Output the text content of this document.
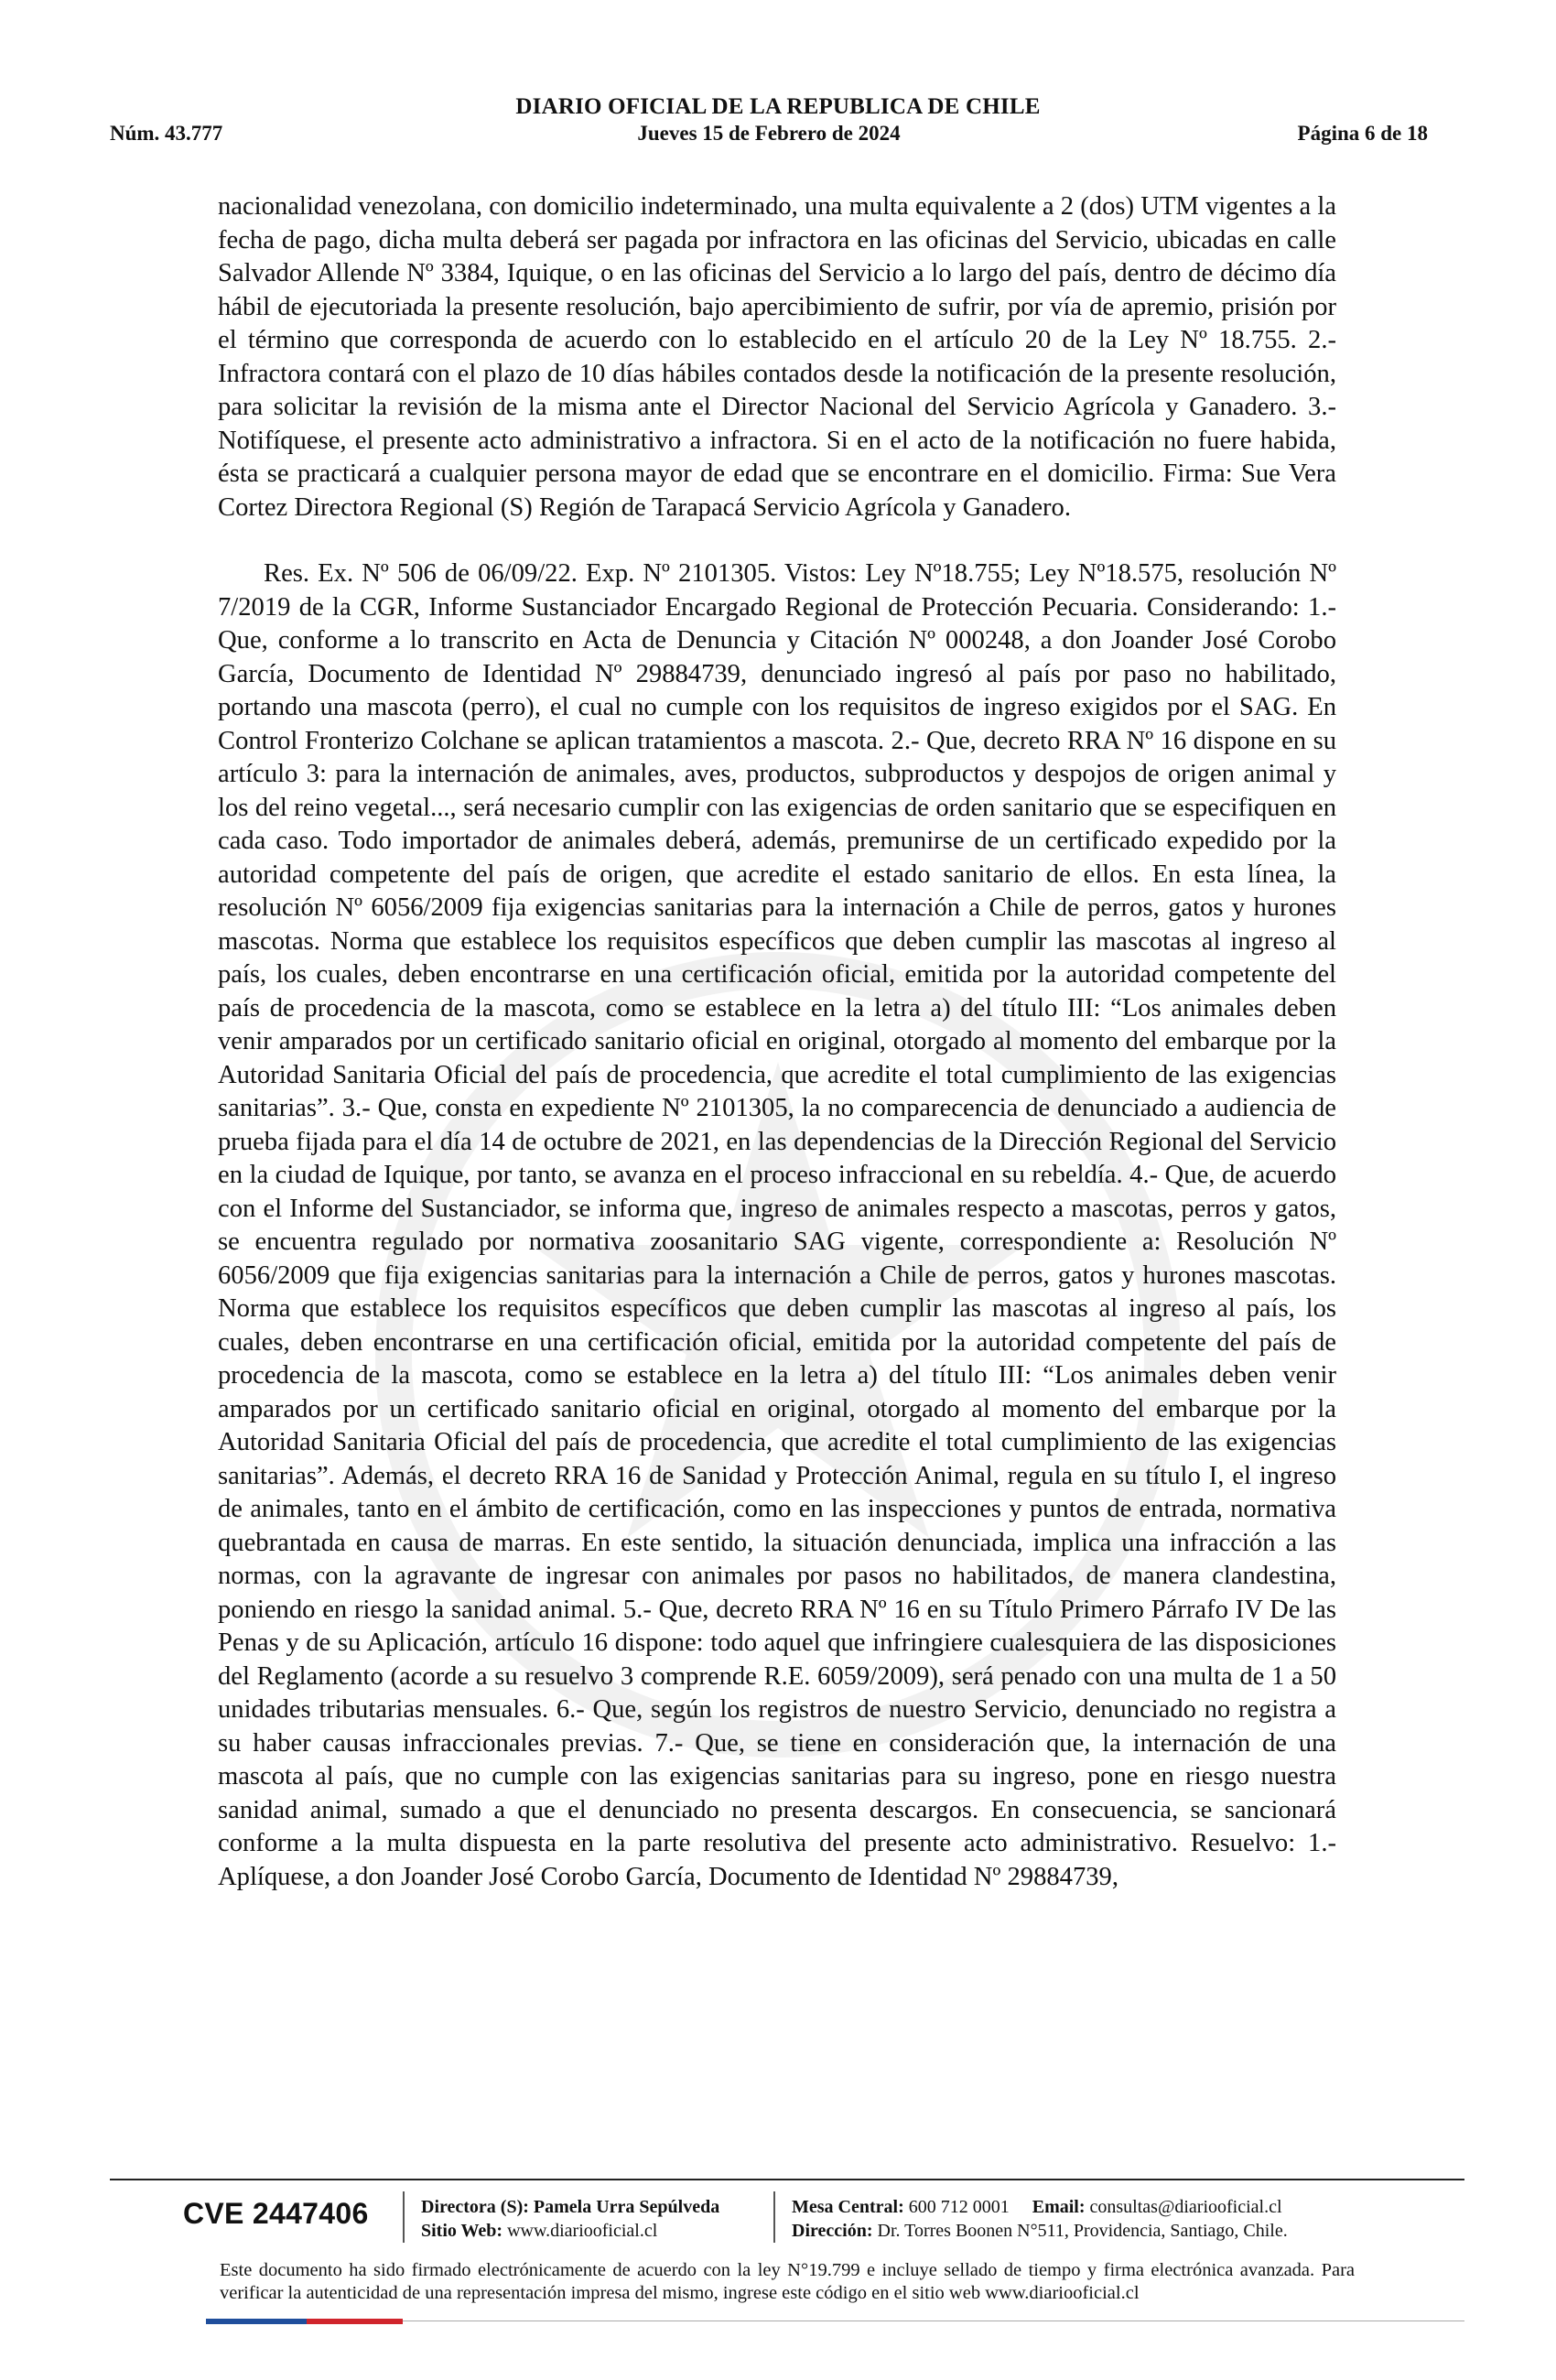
DIARIO OFICIAL DE LA REPUBLICA DE CHILE
Núm. 43.777	Jueves 15 de Febrero de 2024	Página 6 de 18

nacionalidad venezolana, con domicilio indeterminado, una multa equivalente a 2 (dos) UTM vigentes a la fecha de pago, dicha multa deberá ser pagada por infractora en las oficinas del Servicio, ubicadas en calle Salvador Allende Nº 3384, Iquique, o en las oficinas del Servicio a lo largo del país, dentro de décimo día hábil de ejecutoriada la presente resolución, bajo apercibimiento de sufrir, por vía de apremio, prisión por el término que corresponda de acuerdo con lo establecido en el artículo 20 de la Ley Nº 18.755. 2.- Infractora contará con el plazo de 10 días hábiles contados desde la notificación de la presente resolución, para solicitar la revisión de la misma ante el Director Nacional del Servicio Agrícola y Ganadero. 3.- Notifíquese, el presente acto administrativo a infractora. Si en el acto de la notificación no fuere habida, ésta se practicará a cualquier persona mayor de edad que se encontrare en el domicilio. Firma: Sue Vera Cortez Directora Regional (S) Región de Tarapacá Servicio Agrícola y Ganadero.

Res. Ex. Nº 506 de 06/09/22. Exp. Nº 2101305. Vistos: Ley Nº18.755; Ley Nº18.575, resolución Nº 7/2019 de la CGR, Informe Sustanciador Encargado Regional de Protección Pecuaria. Considerando: 1.- Que, conforme a lo transcrito en Acta de Denuncia y Citación Nº 000248, a don Joander José Corobo García, Documento de Identidad Nº 29884739, denunciado ingresó al país por paso no habilitado, portando una mascota (perro), el cual no cumple con los requisitos de ingreso exigidos por el SAG. En Control Fronterizo Colchane se aplican tratamientos a mascota. 2.- Que, decreto RRA Nº 16 dispone en su artículo 3: para la internación de animales, aves, productos, subproductos y despojos de origen animal y los del reino vegetal..., será necesario cumplir con las exigencias de orden sanitario que se especifiquen en cada caso. Todo importador de animales deberá, además, premunirse de un certificado expedido por la autoridad competente del país de origen, que acredite el estado sanitario de ellos. En esta línea, la resolución Nº 6056/2009 fija exigencias sanitarias para la internación a Chile de perros, gatos y hurones mascotas. Norma que establece los requisitos específicos que deben cumplir las mascotas al ingreso al país, los cuales, deben encontrarse en una certificación oficial, emitida por la autoridad competente del país de procedencia de la mascota, como se establece en la letra a) del título III: “Los animales deben venir amparados por un certificado sanitario oficial en original, otorgado al momento del embarque por la Autoridad Sanitaria Oficial del país de procedencia, que acredite el total cumplimiento de las exigencias sanitarias”. 3.- Que, consta en expediente Nº 2101305, la no comparecencia de denunciado a audiencia de prueba fijada para el día 14 de octubre de 2021, en las dependencias de la Dirección Regional del Servicio en la ciudad de Iquique, por tanto, se avanza en el proceso infraccional en su rebeldía. 4.- Que, de acuerdo con el Informe del Sustanciador, se informa que, ingreso de animales respecto a mascotas, perros y gatos, se encuentra regulado por normativa zoosanitario SAG vigente, correspondiente a: Resolución Nº 6056/2009 que fija exigencias sanitarias para la internación a Chile de perros, gatos y hurones mascotas. Norma que establece los requisitos específicos que deben cumplir las mascotas al ingreso al país, los cuales, deben encontrarse en una certificación oficial, emitida por la autoridad competente del país de procedencia de la mascota, como se establece en la letra a) del título III: “Los animales deben venir amparados por un certificado sanitario oficial en original, otorgado al momento del embarque por la Autoridad Sanitaria Oficial del país de procedencia, que acredite el total cumplimiento de las exigencias sanitarias”. Además, el decreto RRA 16 de Sanidad y Protección Animal, regula en su título I, el ingreso de animales, tanto en el ámbito de certificación, como en las inspecciones y puntos de entrada, normativa quebrantada en causa de marras. En este sentido, la situación denunciada, implica una infracción a las normas, con la agravante de ingresar con animales por pasos no habilitados, de manera clandestina, poniendo en riesgo la sanidad animal. 5.- Que, decreto RRA Nº 16 en su Título Primero Párrafo IV De las Penas y de su Aplicación, artículo 16 dispone: todo aquel que infringiere cualesquiera de las disposiciones del Reglamento (acorde a su resuelvo 3 comprende R.E. 6059/2009), será penado con una multa de 1 a 50 unidades tributarias mensuales. 6.- Que, según los registros de nuestro Servicio, denunciado no registra a su haber causas infraccionales previas. 7.- Que, se tiene en consideración que, la internación de una mascota al país, que no cumple con las exigencias sanitarias para su ingreso, pone en riesgo nuestra sanidad animal, sumado a que el denunciado no presenta descargos. En consecuencia, se sancionará conforme a la multa dispuesta en la parte resolutiva del presente acto administrativo. Resuelvo: 1.- Aplíquese, a don Joander José Corobo García, Documento de Identidad Nº 29884739,

CVE 2447406	Directora (S): Pamela Urra Sepúlveda
Sitio Web: www.diariooficial.cl
Mesa Central: 600 712 0001 Email: consultas@diariooficial.cl
Dirección: Dr. Torres Boonen N°511, Providencia, Santiago, Chile.
Este documento ha sido firmado electrónicamente de acuerdo con la ley N°19.799 e incluye sellado de tiempo y firma electrónica avanzada. Para verificar la autenticidad de una representación impresa del mismo, ingrese este código en el sitio web www.diariooficial.cl
